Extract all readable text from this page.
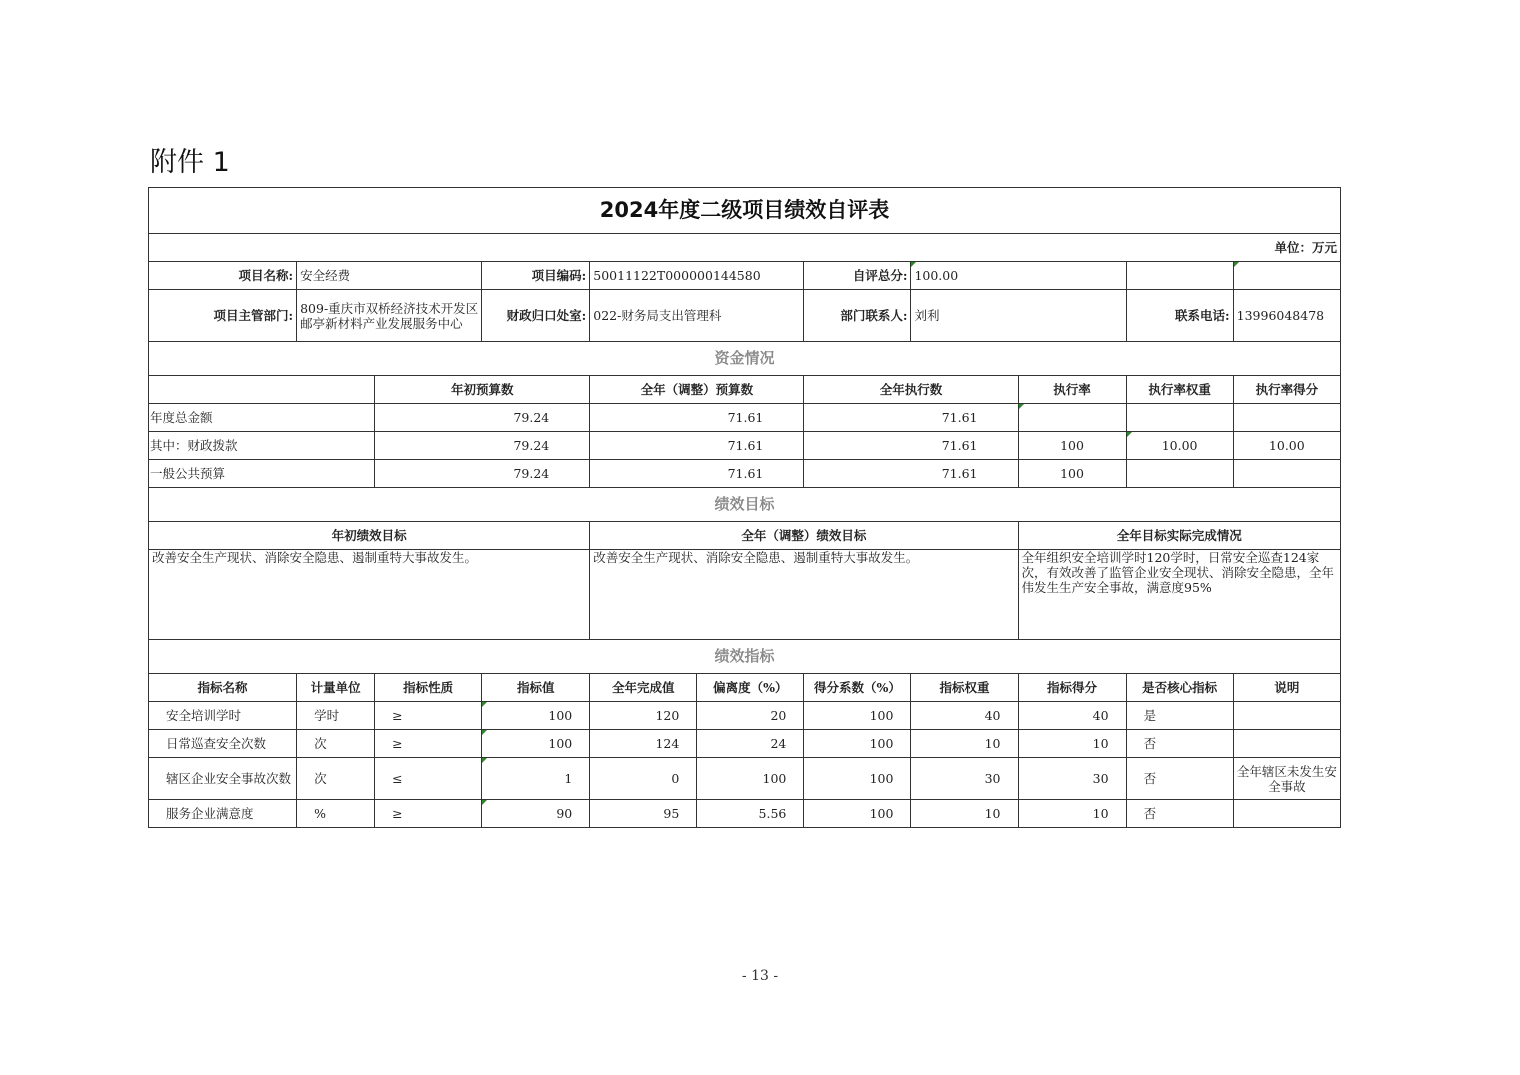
附件 1
2024年度二级项目绩效自评表										
单位：万元										
项目名称:	安全经费		项目编码:	50011122T000000144580		自评总分:	100.00			
项目主管部门:	809-重庆市双桥经济技术开发区邮亭新材料产业发展服务中心		财政归口处室:	022-财务局支出管理科		部门联系人:	刘利		联系电话:	13996048478
资金情况										
		年初预算数		全年（调整）预算数		全年执行数		执行率	执行率权重	执行率得分
年度总金额		79.24		71.61		71.61				
其中：财政拨款		79.24		71.61		71.61		100	10.00	10.00
一般公共预算		79.24		71.61		71.61		100		
绩效目标										
年初绩效目标				全年（调整）绩效目标				全年目标实际完成情况		
改善安全生产现状、消除安全隐患、遏制重特大事故发生。				改善安全生产现状、消除安全隐患、遏制重特大事故发生。				全年组织安全培训学时120学时，日常安全巡查124家次，有效改善了监管企业安全现状、消除安全隐患，全年伟发生生产安全事故，满意度95%		
绩效指标										
指标名称	计量单位	指标性质	指标值	全年完成值	偏离度（%）	得分系数（%）	指标权重	指标得分	是否核心指标	说明
安全培训学时	学时	≥	100	120	20	100	40	40	是	
日常巡查安全次数	次	≥	100	124	24	100	10	10	否	
辖区企业安全事故次数	次	≤	1	0	100	100	30	30	否	全年辖区未发生安全事故
服务企业满意度	%	≥	90	95	5.56	100	10	10	否	
- 13 -
